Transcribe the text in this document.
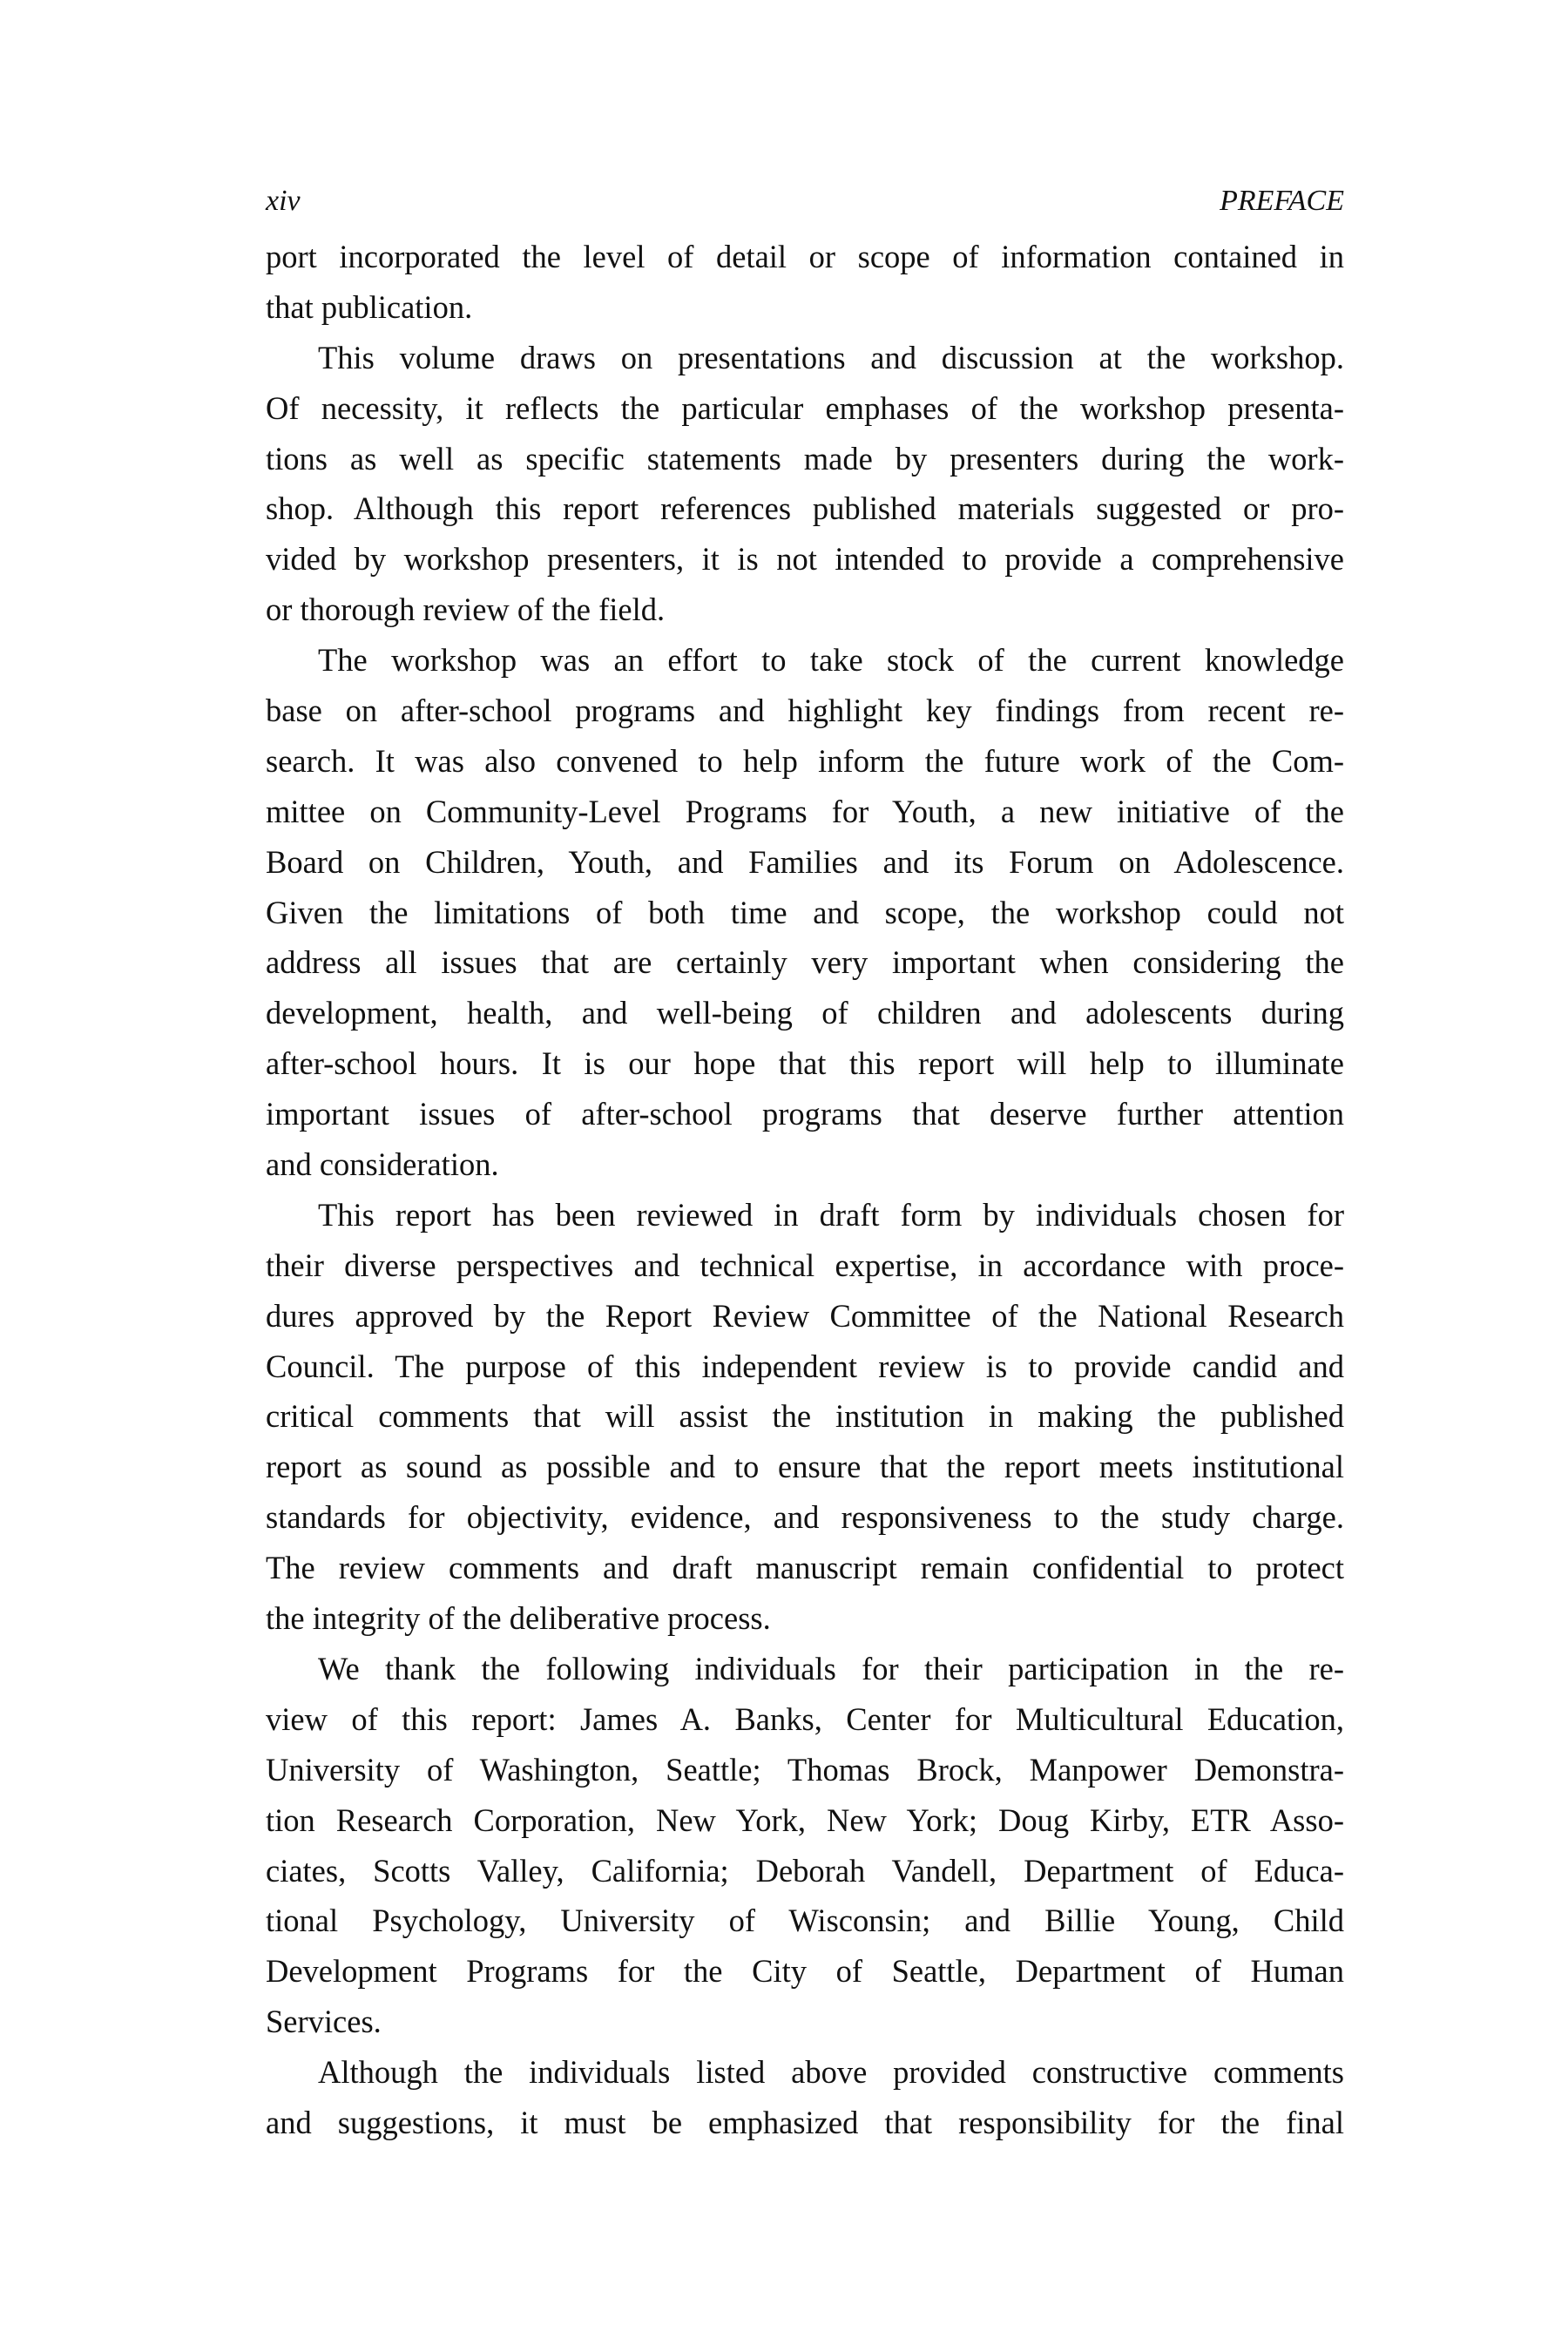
xiv	PREFACE
port incorporated the level of detail or scope of information contained in
that publication.
This volume draws on presentations and discussion at the workshop.
Of necessity, it reflects the particular emphases of the workshop presenta-
tions as well as specific statements made by presenters during the work-
shop. Although this report references published materials suggested or pro-
vided by workshop presenters, it is not intended to provide a comprehensive
or thorough review of the field.
The workshop was an effort to take stock of the current knowledge
base on after-school programs and highlight key findings from recent re-
search. It was also convened to help inform the future work of the Com-
mittee on Community-Level Programs for Youth, a new initiative of the
Board on Children, Youth, and Families and its Forum on Adolescence.
Given the limitations of both time and scope, the workshop could not
address all issues that are certainly very important when considering the
development, health, and well-being of children and adolescents during
after-school hours. It is our hope that this report will help to illuminate
important issues of after-school programs that deserve further attention
and consideration.
This report has been reviewed in draft form by individuals chosen for
their diverse perspectives and technical expertise, in accordance with proce-
dures approved by the Report Review Committee of the National Research
Council. The purpose of this independent review is to provide candid and
critical comments that will assist the institution in making the published
report as sound as possible and to ensure that the report meets institutional
standards for objectivity, evidence, and responsiveness to the study charge.
The review comments and draft manuscript remain confidential to protect
the integrity of the deliberative process.
We thank the following individuals for their participation in the re-
view of this report: James A. Banks, Center for Multicultural Education,
University of Washington, Seattle; Thomas Brock, Manpower Demonstra-
tion Research Corporation, New York, New York; Doug Kirby, ETR Asso-
ciates, Scotts Valley, California; Deborah Vandell, Department of Educa-
tional Psychology, University of Wisconsin; and Billie Young, Child
Development Programs for the City of Seattle, Department of Human
Services.
Although the individuals listed above provided constructive comments
and suggestions, it must be emphasized that responsibility for the final
